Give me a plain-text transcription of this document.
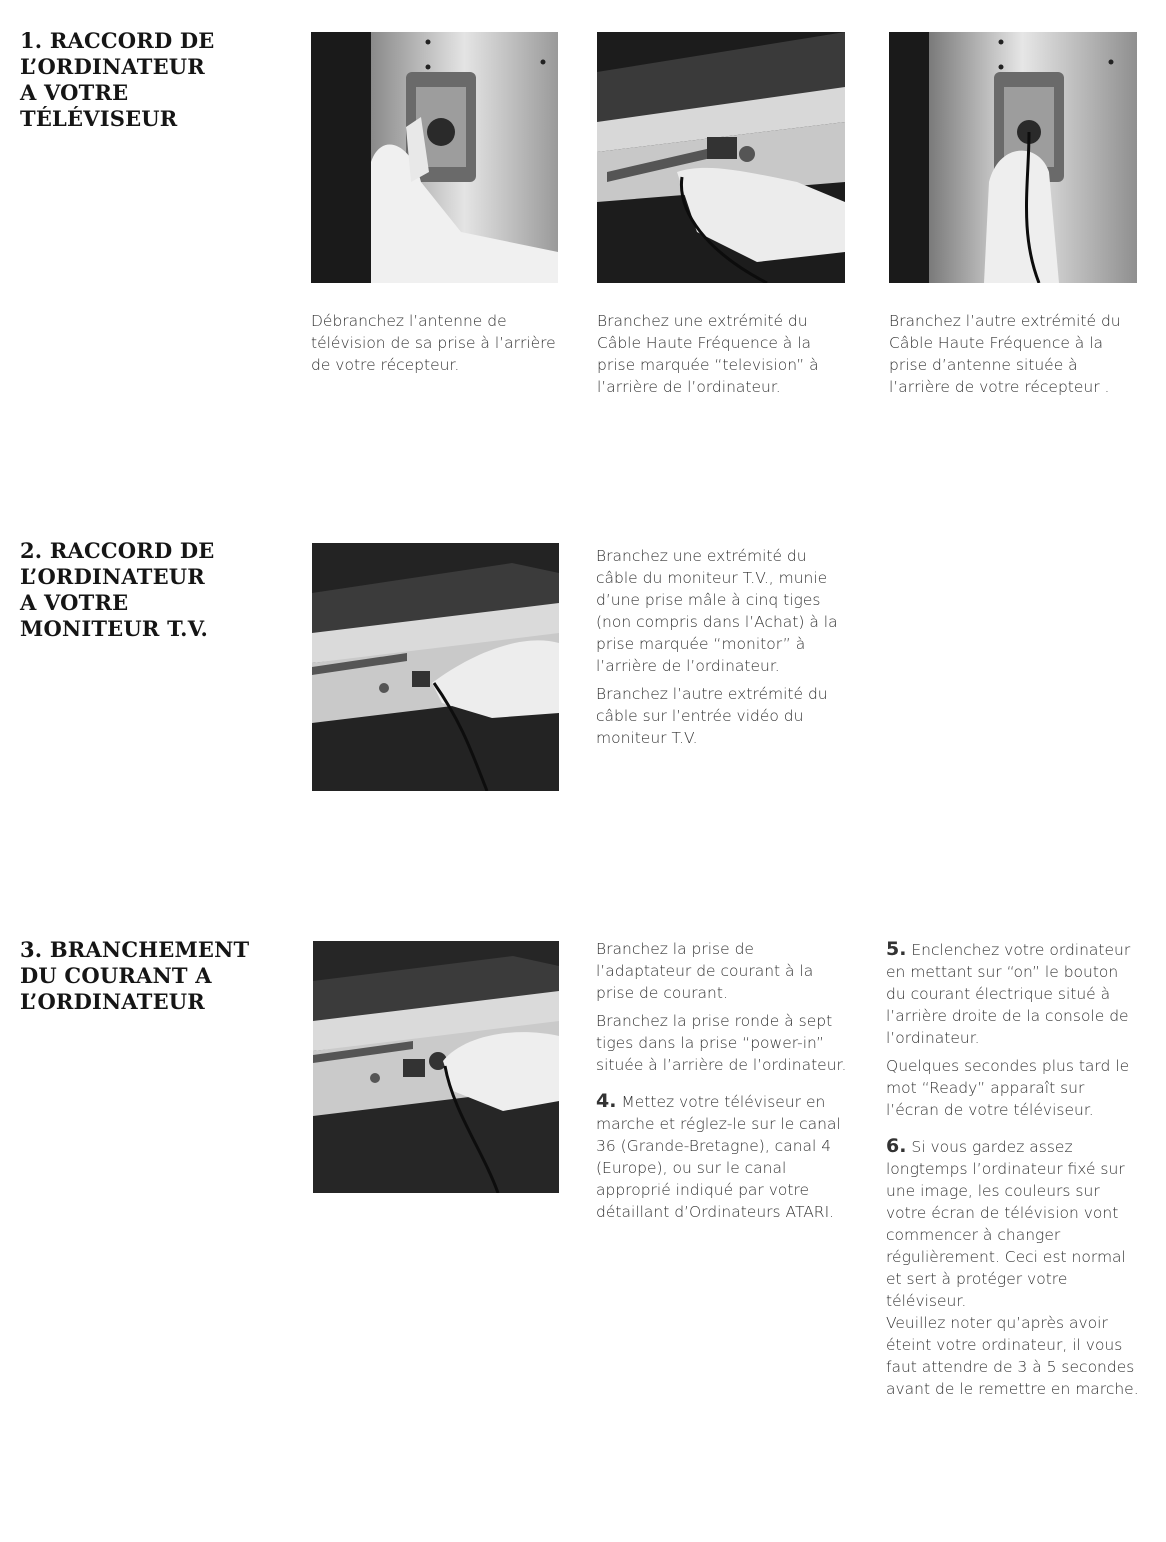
1. RACCORD DE
L’ORDINATEUR
A VOTRE
TÉLÉVISEUR
Débranchez l’antenne de télévision de sa prise à l’arrière de votre récepteur.
Branchez une extrémité du Câble Haute Fréquence à la prise marquée “television” à l’arrière de l’ordinateur.
Branchez l’autre extrémité du Câble Haute Fréquence à la prise d’antenne située à l’arrière de votre récepteur .
2. RACCORD DE
L’ORDINATEUR
A VOTRE
MONITEUR T.V.

Branchez une extrémité du câble du moniteur T.V., munie d’une prise mâle à cinq tiges (non compris dans l’Achat) à la prise marquée “monitor” à l’arrière de l’ordinateur.

Branchez l’autre extrémité du câble sur l’entrée vidéo du moniteur T.V.

3. BRANCHEMENT
DU COURANT A
L’ORDINATEUR

Branchez la prise de l’adaptateur de courant à la prise de courant.

Branchez la prise ronde à sept tiges dans la prise “power-in” située à l’arrière de l’ordinateur.

4. Mettez votre téléviseur en marche et réglez-le sur le canal 36 (Grande-Bretagne), canal 4 (Europe), ou sur le canal approprié indiqué par votre détaillant d’Ordinateurs ATARI.

5. Enclenchez votre ordinateur en mettant sur “on” le bouton du courant électrique situé à l’arrière droite de la console de l’ordinateur.

Quelques secondes plus tard le mot “Ready” apparaît sur l’écran de votre téléviseur.

6. Si vous gardez assez longtemps l’ordinateur fixé sur une image, les couleurs sur votre écran de télévision vont commencer à changer régulièrement. Ceci est normal et sert à protéger votre téléviseur.

Veuillez noter qu’après avoir éteint votre ordinateur, il vous faut attendre de 3 à 5 secondes avant de le remettre en marche.
